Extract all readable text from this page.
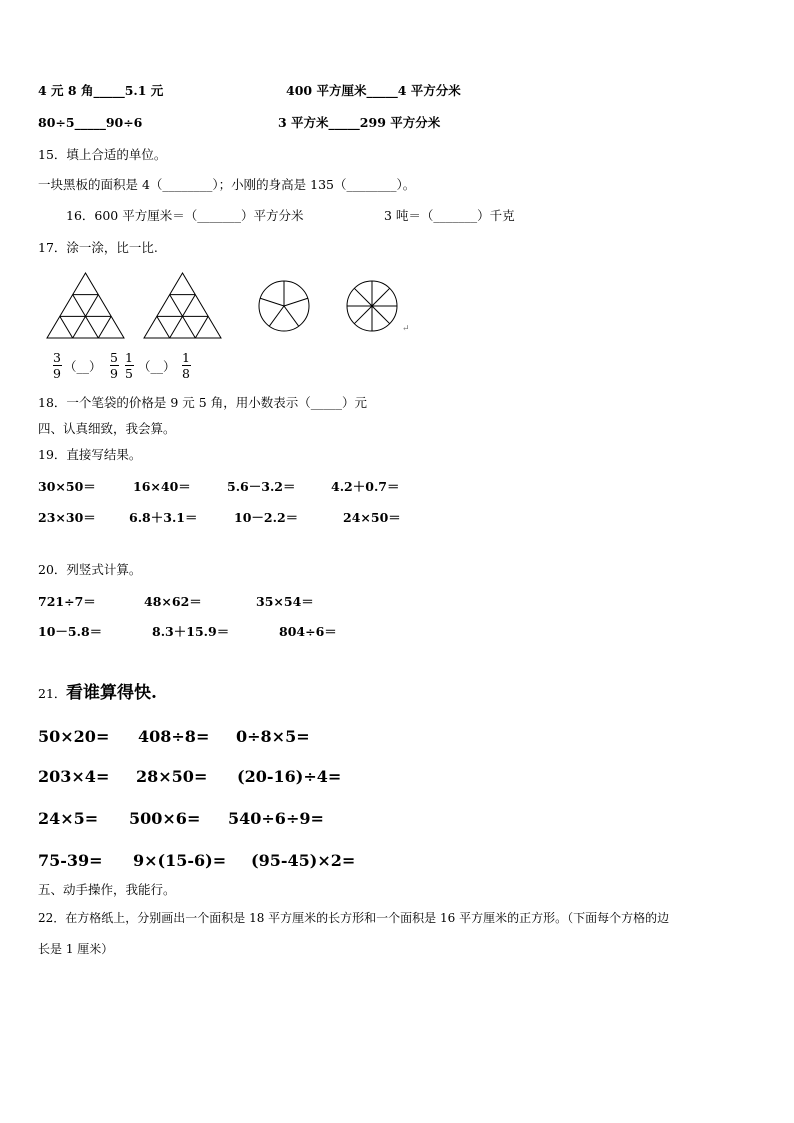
4 元 8 角_____5.1 元	400 平方厘米_____4 平方分米
80÷5_____90÷6	3 平方米_____299 平方分米
15．填上合适的单位。
一块黑板的面积是 4（________）；小刚的身高是 135（________）。
16．600 平方厘米＝（_______）平方分米	3 吨＝（_______）千克
17．涂一涂，比一比.
↵
3
9 （__）
5
9
1
5 （__）
1
8
18．一个笔袋的价格是 9 元 5 角，用小数表示（_____）元
四、认真细致，我会算。
19．直接写结果。
30×50＝	16×40＝	5.6－3.2＝	4.2＋0.7＝
23×30＝	6.8＋3.1＝	10－2.2＝	24×50＝
20．列竖式计算。
721÷7＝	48×62＝	35×54＝
10－5.8＝	8.3＋15.9＝	804÷6＝
21． 看谁算得快.
50×20= 408÷8= 0÷8×5=
203×4= 28×50= (20-16)÷4=
24×5= 500×6= 540÷6÷9=
75-39= 9×(15-6)= (95-45)×2=
五、动手操作，我能行。
22．在方格纸上，分别画出一个面积是 18 平方厘米的长方形和一个面积是 16 平方厘米的正方形。（下面每个方格的边
长是 1 厘米）
